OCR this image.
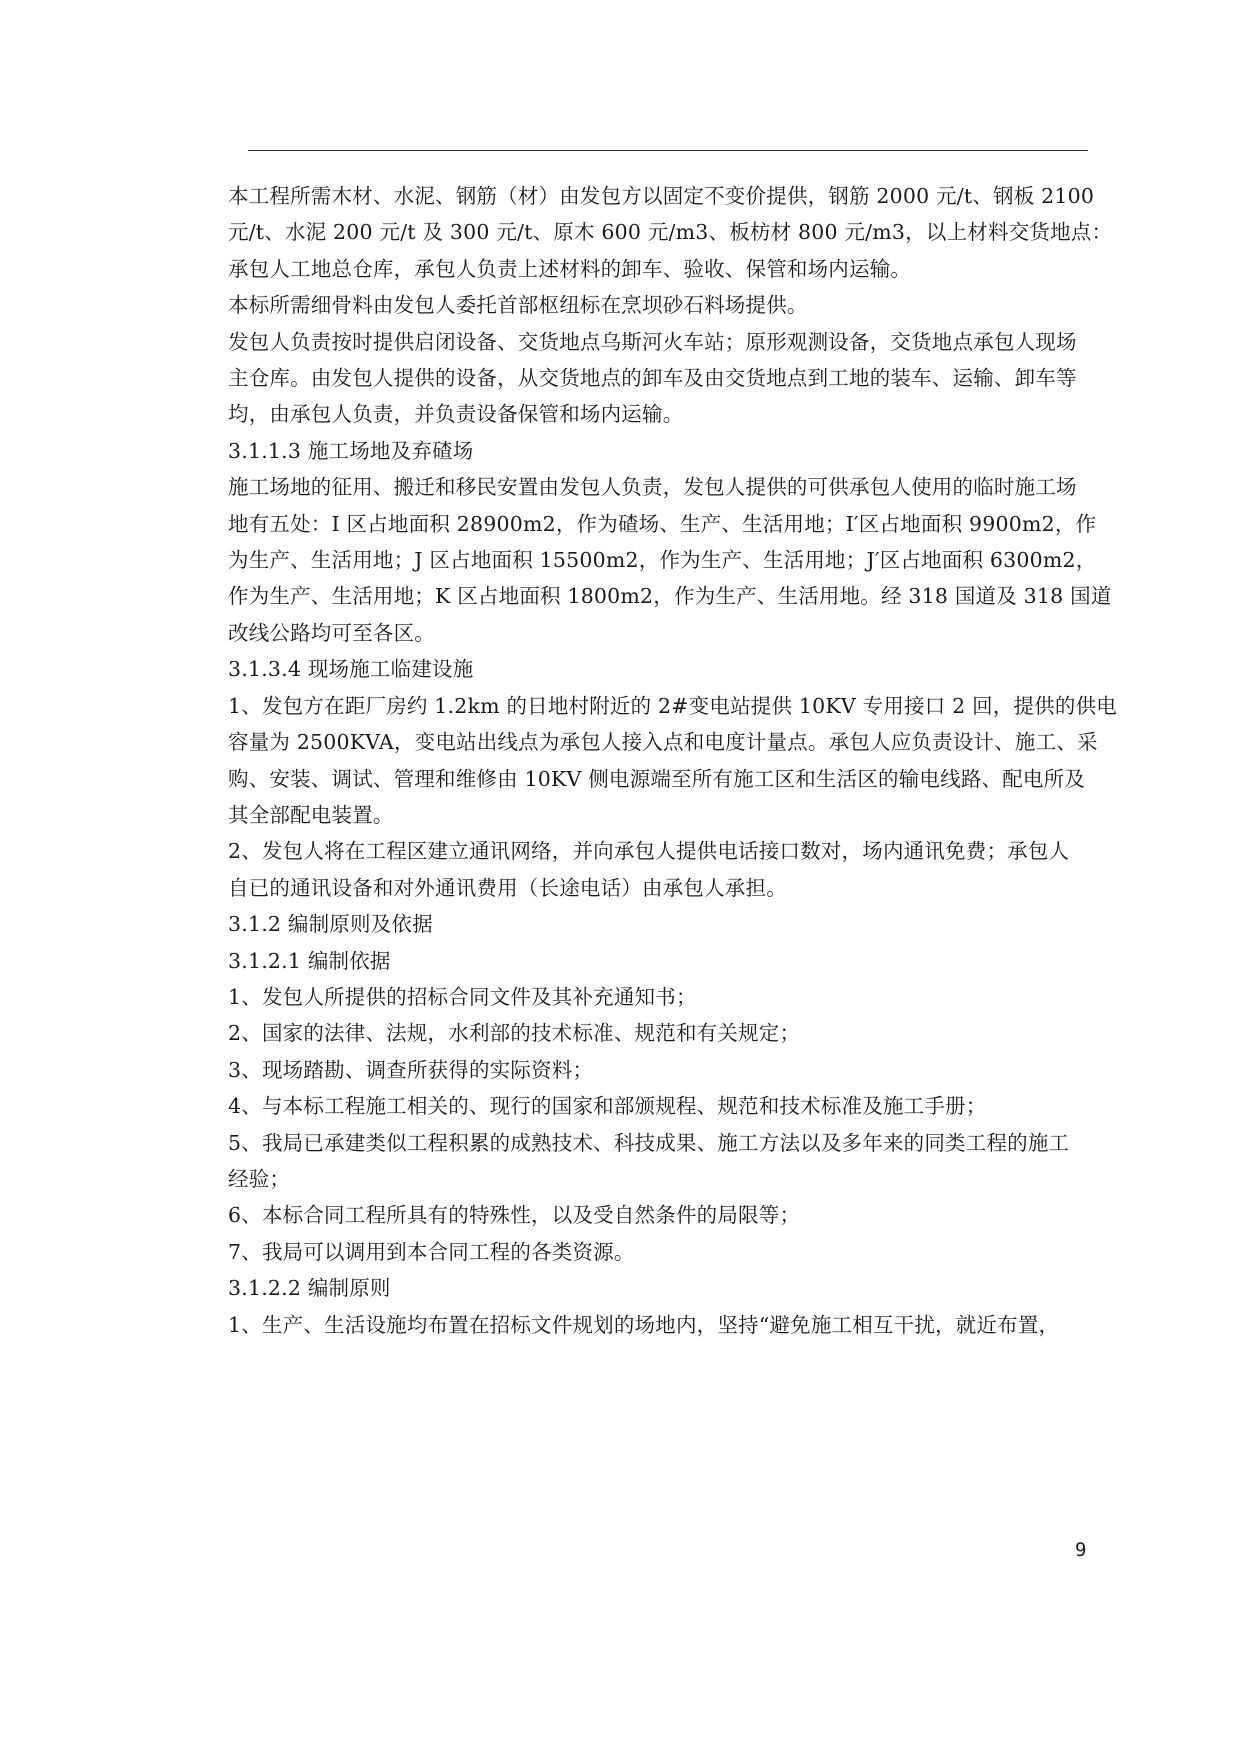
本工程所需木材、水泥、钢筋（材）由发包方以固定不变价提供，钢筋 2000 元/t、钢板 2100
元/t、水泥 200 元/t 及 300 元/t、原木 600 元/m3、板枋材 800 元/m3，以上材料交货地点：
承包人工地总仓库，承包人负责上述材料的卸车、验收、保管和场内运输。

本标所需细骨料由发包人委托首部枢纽标在烹坝砂石料场提供。

发包人负责按时提供启闭设备、交货地点乌斯河火车站；原形观测设备，交货地点承包人现场
主仓库。由发包人提供的设备，从交货地点的卸车及由交货地点到工地的装车、运输、卸车等
均，由承包人负责，并负责设备保管和场内运输。

3.1.1.3 施工场地及弃碴场

施工场地的征用、搬迁和移民安置由发包人负责，发包人提供的可供承包人使用的临时施工场
地有五处：I 区占地面积 28900m2，作为碴场、生产、生活用地；I′区占地面积 9900m2，作
为生产、生活用地；J 区占地面积 15500m2，作为生产、生活用地；J′区占地面积 6300m2，
作为生产、生活用地；K 区占地面积 1800m2，作为生产、生活用地。经 318 国道及 318 国道
改线公路均可至各区。

3.1.3.4 现场施工临建设施

1、发包方在距厂房约 1.2km 的日地村附近的 2#变电站提供 10KV 专用接口 2 回，提供的供电
容量为 2500KVA，变电站出线点为承包人接入点和电度计量点。承包人应负责设计、施工、采
购、安装、调试、管理和维修由 10KV 侧电源端至所有施工区和生活区的输电线路、配电所及
其全部配电装置。

2、发包人将在工程区建立通讯网络，并向承包人提供电话接口数对，场内通讯免费；承包人
自已的通讯设备和对外通讯费用（长途电话）由承包人承担。

3.1.2 编制原则及依据

3.1.2.1 编制依据

1、发包人所提供的招标合同文件及其补充通知书；

2、国家的法律、法规，水利部的技术标准、规范和有关规定；

3、现场踏勘、调查所获得的实际资料；

4、与本标工程施工相关的、现行的国家和部颁规程、规范和技术标准及施工手册；

5、我局已承建类似工程积累的成熟技术、科技成果、施工方法以及多年来的同类工程的施工
经验；

6、本标合同工程所具有的特殊性，以及受自然条件的局限等；

7、我局可以调用到本合同工程的各类资源。

3.1.2.2 编制原则

1、生产、生活设施均布置在招标文件规划的场地内，坚持“避免施工相互干扰，就近布置，

9
